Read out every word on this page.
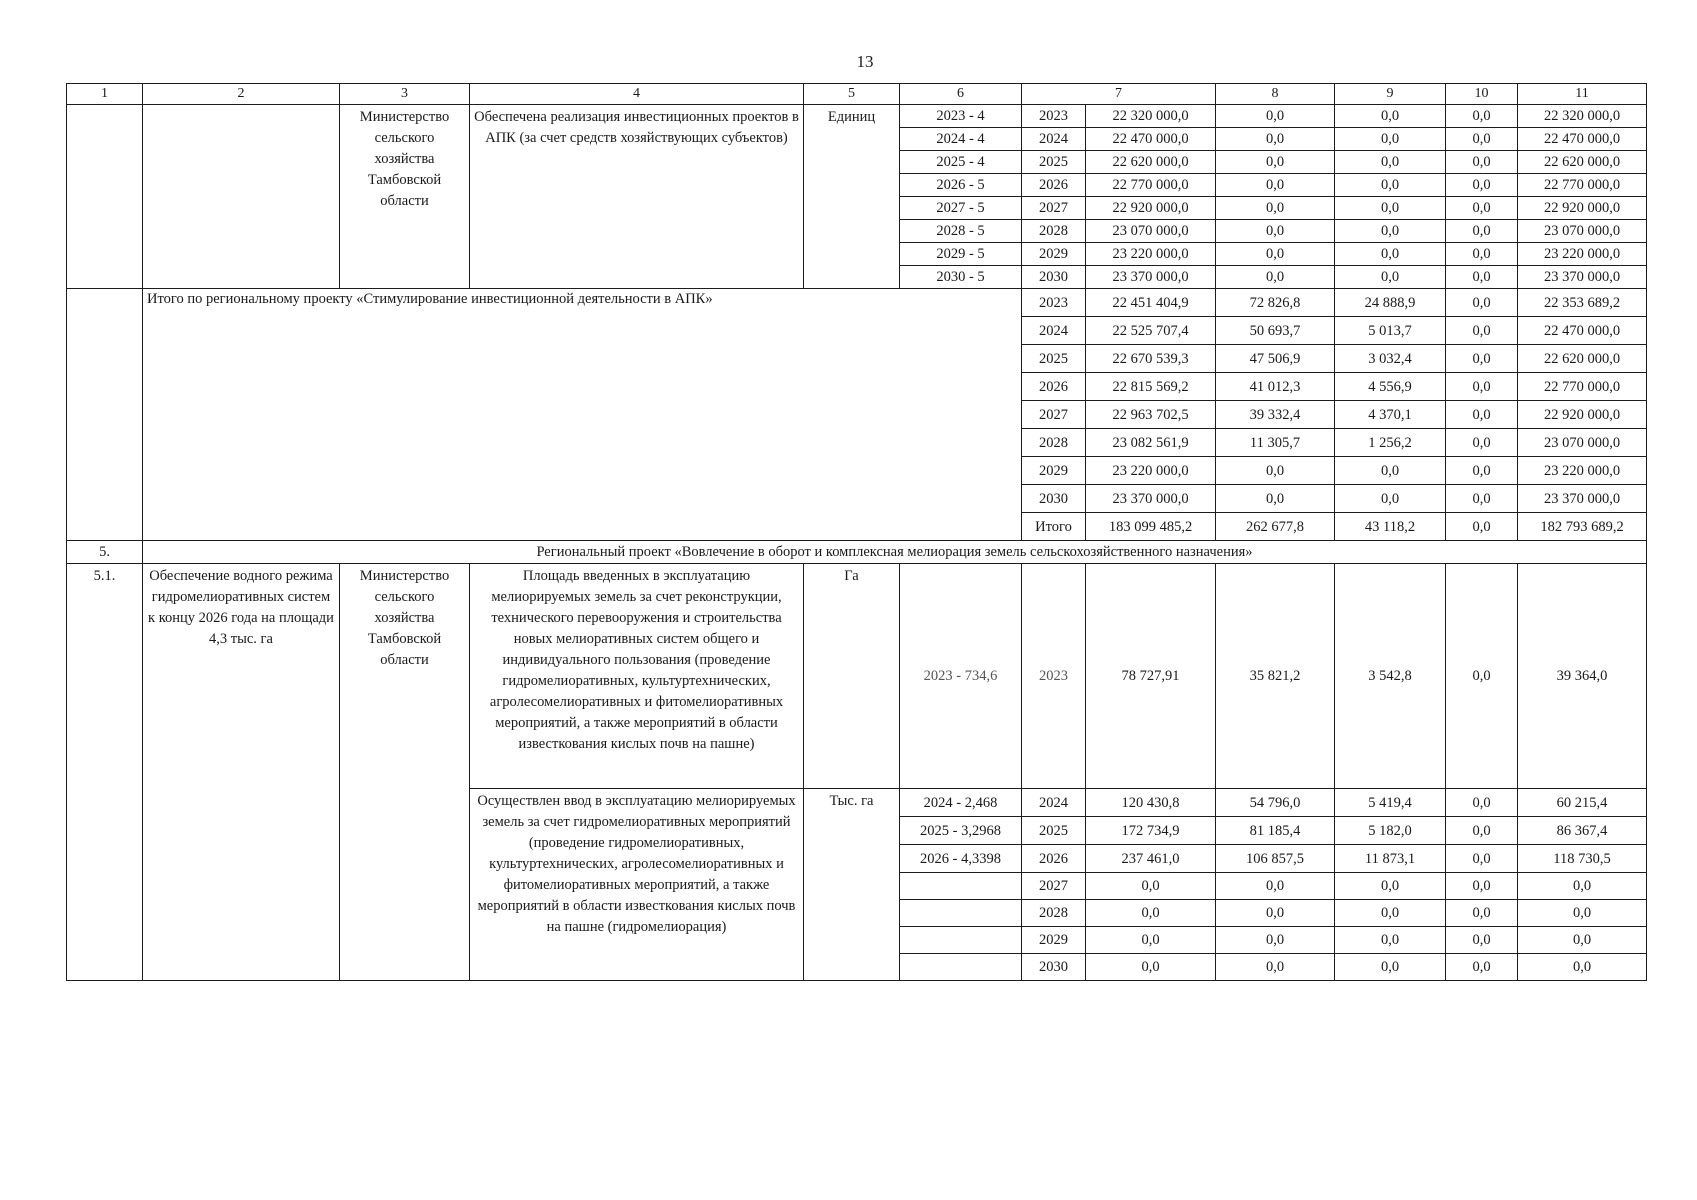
13
1	2	3	4	5	6	7		8	9	10	11
		Министерство сельского хозяйства Тамбовской области	Обеспечена реализация инвестиционных проектов в АПК (за счет средств хозяйствующих субъектов)	Единиц	2023 - 4	2023	22 320 000,0	0,0	0,0	0,0	22 320 000,0
					2024 - 4	2024	22 470 000,0	0,0	0,0	0,0	22 470 000,0
					2025 - 4	2025	22 620 000,0	0,0	0,0	0,0	22 620 000,0
					2026 - 5	2026	22 770 000,0	0,0	0,0	0,0	22 770 000,0
					2027 - 5	2027	22 920 000,0	0,0	0,0	0,0	22 920 000,0
					2028 - 5	2028	23 070 000,0	0,0	0,0	0,0	23 070 000,0
					2029 - 5	2029	23 220 000,0	0,0	0,0	0,0	23 220 000,0
					2030 - 5	2030	23 370 000,0	0,0	0,0	0,0	23 370 000,0
	Итого по региональному проекту «Стимулирование инвестиционной деятельности в АПК»					2023	22 451 404,9	72 826,8	24 888,9	0,0	22 353 689,2
						2024	22 525 707,4	50 693,7	5 013,7	0,0	22 470 000,0
						2025	22 670 539,3	47 506,9	3 032,4	0,0	22 620 000,0
						2026	22 815 569,2	41 012,3	4 556,9	0,0	22 770 000,0
						2027	22 963 702,5	39 332,4	4 370,1	0,0	22 920 000,0
						2028	23 082 561,9	11 305,7	1 256,2	0,0	23 070 000,0
						2029	23 220 000,0	0,0	0,0	0,0	23 220 000,0
						2030	23 370 000,0	0,0	0,0	0,0	23 370 000,0
						Итого	183 099 485,2	262 677,8	43 118,2	0,0	182 793 689,2
5.	Региональный проект «Вовлечение в оборот и комплексная мелиорация земель сельскохозяйственного назначения»										
5.1.	Обеспечение водного режима гидромелиоративных систем к концу 2026 года на площади 4,3 тыс. га	Министерство сельского хозяйства Тамбовской области	Площадь введенных в эксплуатацию мелиорируемых земель за счет реконструкции, технического перевооружения и строительства новых мелиоративных систем общего и индивидуального пользования (проведение гидромелиоративных, культуртехнических, агролесомелиоративных и фитомелиоративных мероприятий, а также мероприятий в области известкования кислых почв на пашне)	Га	2023 - 734,6	2023	78 727,91	35 821,2	3 542,8	0,0	39 364,0
			Осуществлен ввод в эксплуатацию мелиорируемых земель за счет гидромелиоративных мероприятий (проведение гидромелиоративных, культуртехнических, агролесомелиоративных и фитомелиоративных мероприятий, а также мероприятий в области известкования кислых почв на пашне (гидромелиорация)	Тыс. га	2024 - 2,468	2024	120 430,8	54 796,0	5 419,4	0,0	60 215,4
					2025 - 3,2968	2025	172 734,9	81 185,4	5 182,0	0,0	86 367,4
					2026 - 4,3398	2026	237 461,0	106 857,5	11 873,1	0,0	118 730,5
						2027	0,0	0,0	0,0	0,0	0,0
						2028	0,0	0,0	0,0	0,0	0,0
						2029	0,0	0,0	0,0	0,0	0,0
						2030	0,0	0,0	0,0	0,0	0,0
